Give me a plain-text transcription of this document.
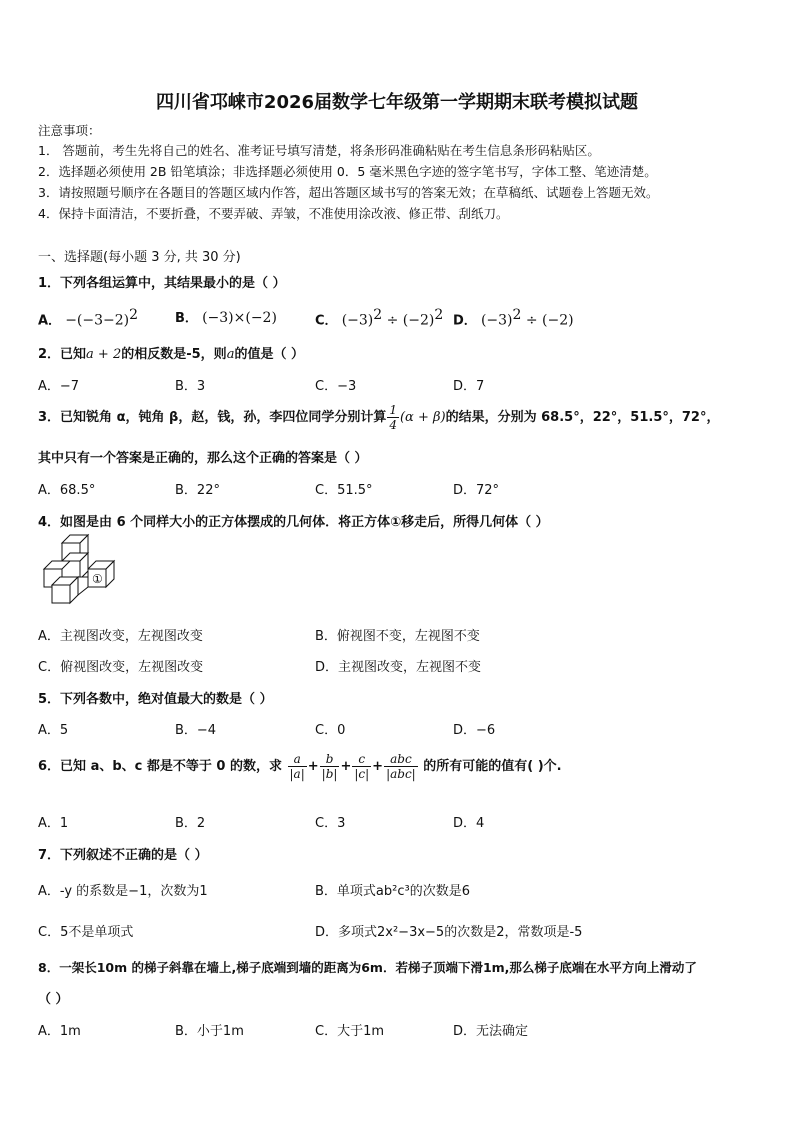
四川省邛崃市2026届数学七年级第一学期期末联考模拟试题
注意事项：
1． 答题前，考生先将自己的姓名、准考证号填写清楚，将条形码准确粘贴在考生信息条形码粘贴区。
2．选择题必须使用 2B 铅笔填涂；非选择题必须使用 0．5 毫米黑色字迹的签字笔书写，字体工整、笔迹清楚。
3．请按照题号顺序在各题目的答题区域内作答，超出答题区域书写的答案无效；在草稿纸、试题卷上答题无效。
4．保持卡面清洁，不要折叠，不要弄破、弄皱，不准使用涂改液、修正带、刮纸刀。
一、选择题(每小题 3 分, 共 30 分)
1．下列各组运算中，其结果最小的是（ ）
A． $-(-3-2)^2$	B． (−3)×(−2)	C． $(-3)^2 \div (-2)^2$ D． $(-3)^2 \div (-2)$
2．已知a + 2的相反数是-5，则a的值是（ ）
A．−7	B．3	C．−3	D．7
3．已知锐角 α，钝角 β，赵，钱，孙，李四位同学分别计算 $\frac{1}{4} (\alpha + \beta)$的结果，分别为 68.5°，22°，51.5°，72°，
其中只有一个答案是正确的，那么这个正确的答案是（ ）
A．68.5°	B．22°	C．51.5°	D．72°
4．如图是由 6 个同样大小的正方体摆成的几何体．将正方体①移走后，所得几何体（ ）
①
A．主视图改变，左视图改变	B．俯视图不变，左视图不变
C．俯视图改变，左视图改变	D．主视图改变，左视图不变
5．下列各数中，绝对值最大的数是（ ）
A．5	B．−4	C．0	D．−6
6．已知 a、b、c 都是不等于 0 的数，求 $\frac{a}{|a|} + \frac{b}{|b|} + \frac{c}{|c|} + \frac{\text{abc}}{\text{|abc|}}$ 的所有可能的值有( )个.
A．1	B．2	C．3	D．4
7．下列叙述不正确的是（ ）
A．-y 的系数是−1，次数为1	B．单项式ab²c³的次数是6
C．5不是单项式	D．多项式2x²−3x−5的次数是2，常数项是-5
8．一架长10m 的梯子斜靠在墙上,梯子底端到墙的距离为6m．若梯子顶端下滑1m,那么梯子底端在水平方向上滑动了
（ ）
A．1m	B．小于1m	C．大于1m	D．无法确定
